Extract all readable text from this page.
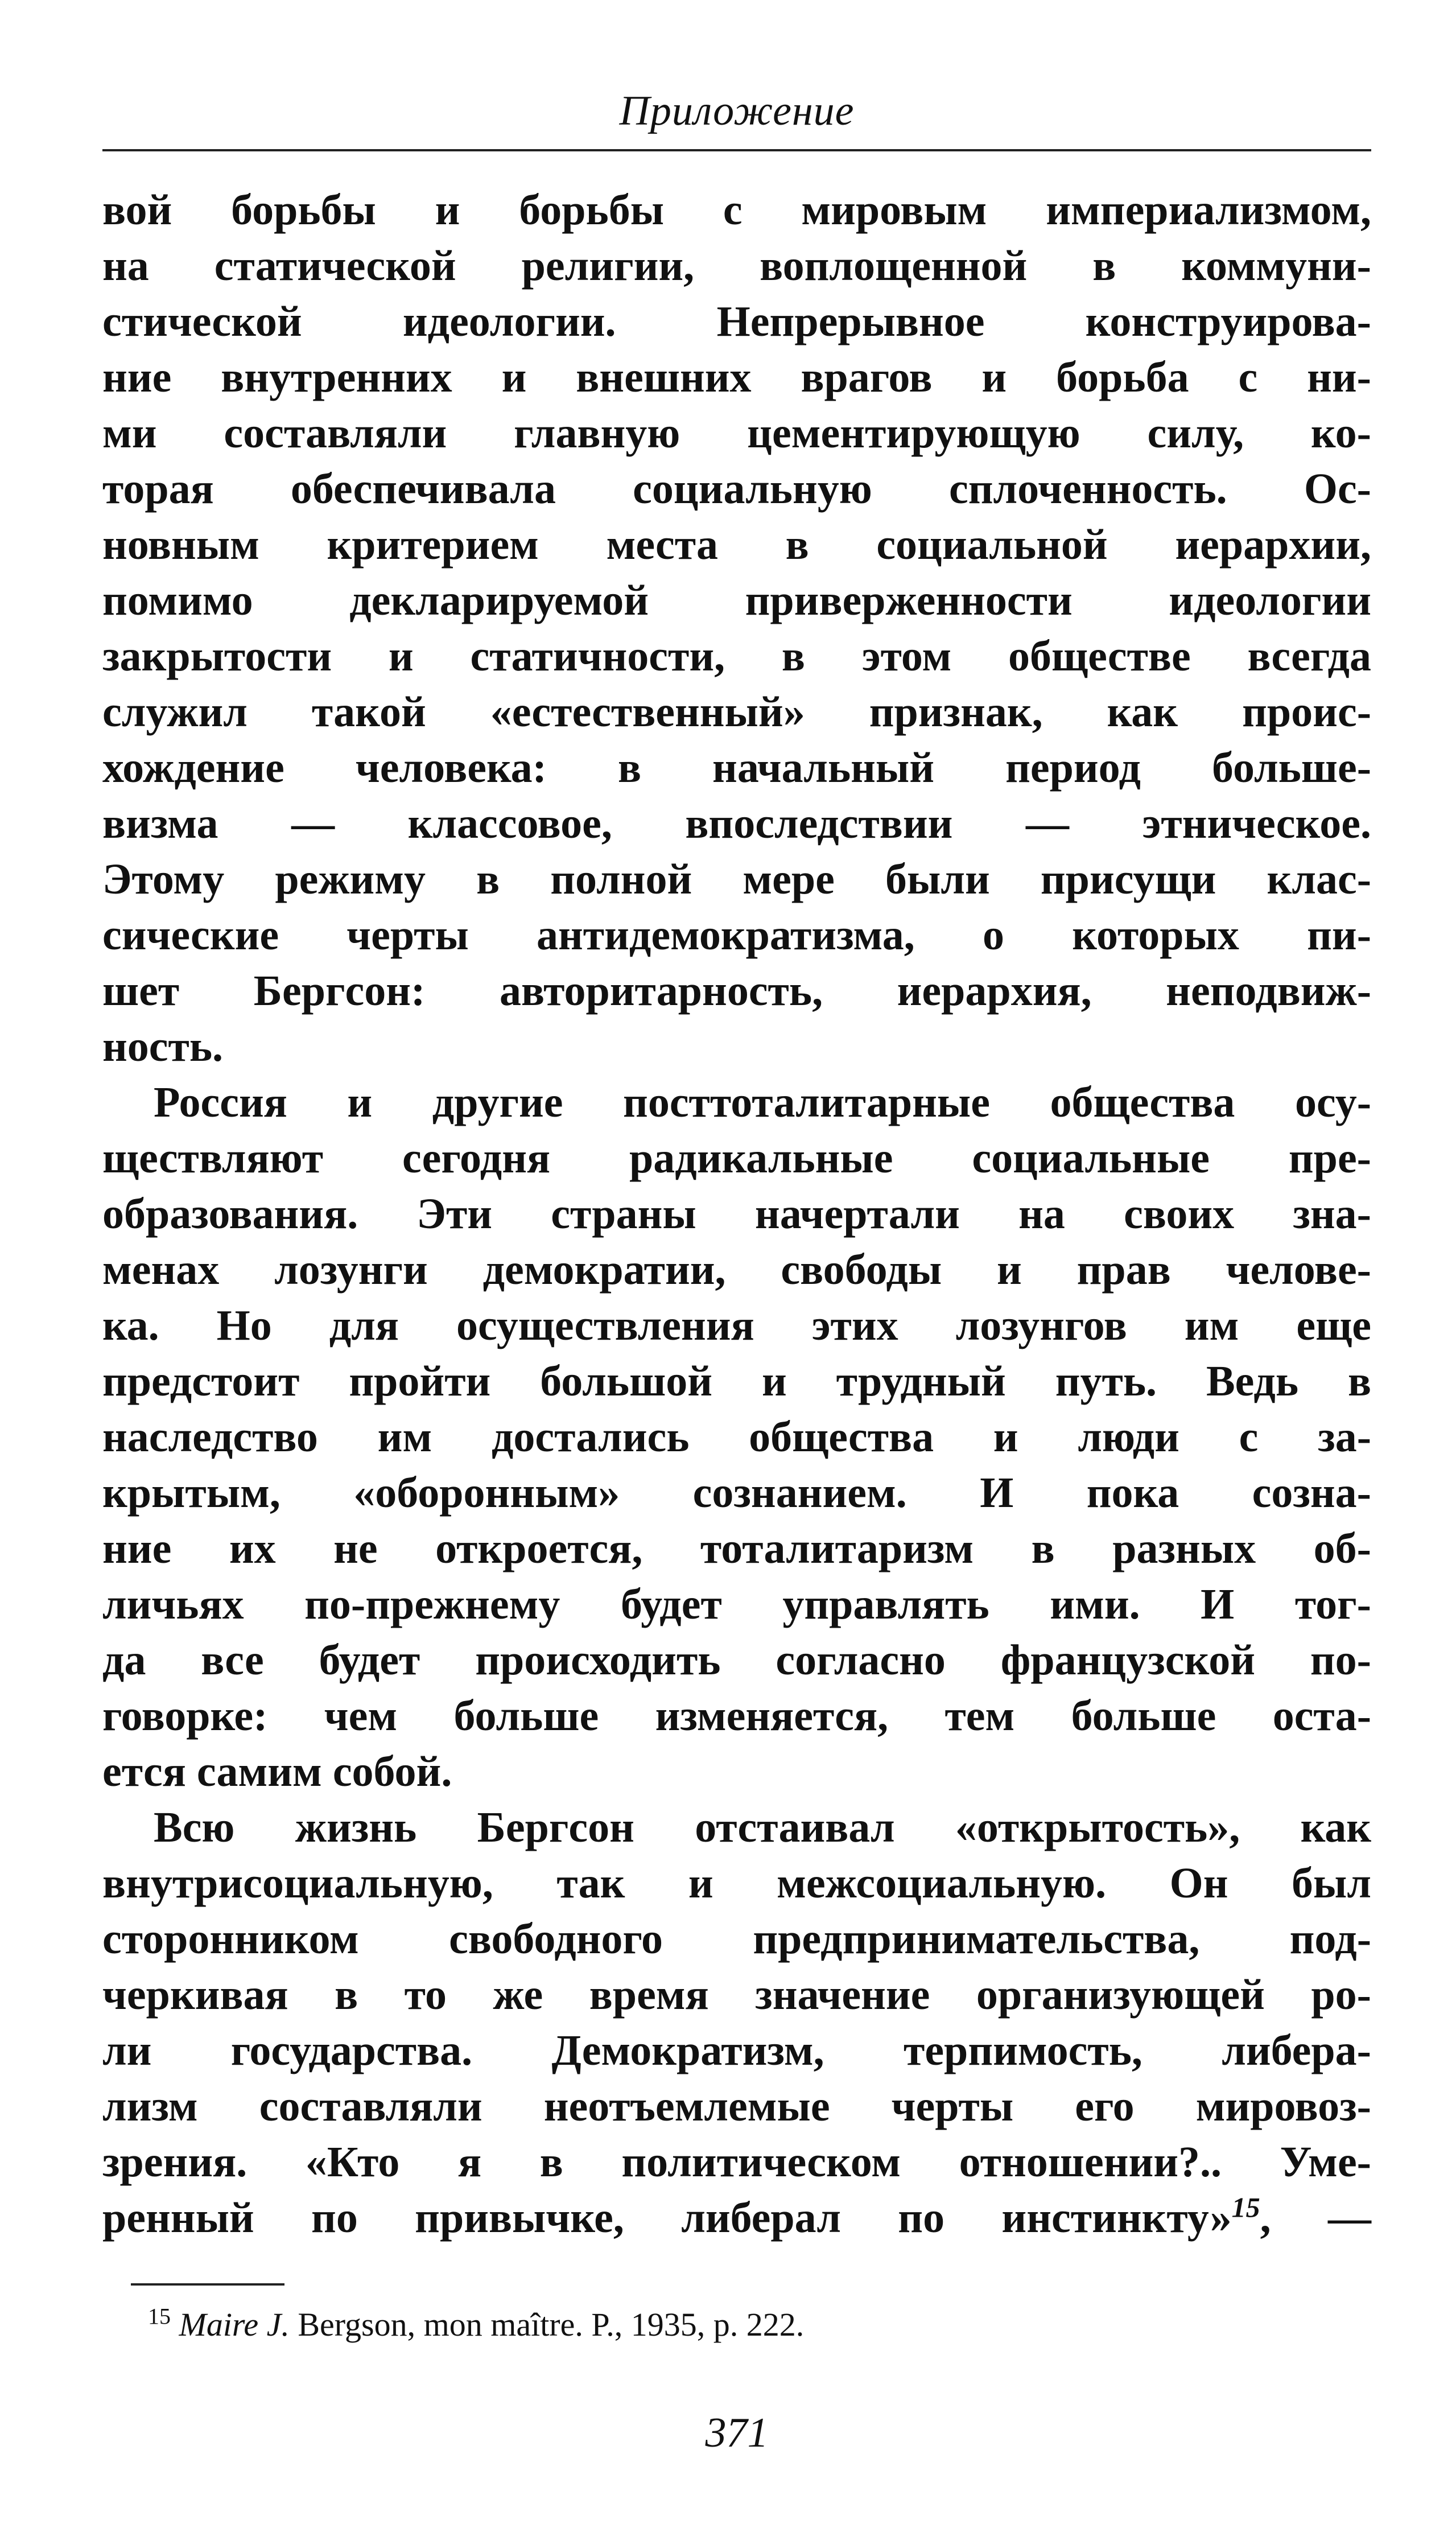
Приложение
вой борьбы и борьбы с мировым империализмом,
на статической религии, воплощенной в коммуни-
стической идеологии. Непрерывное конструирова-
ние внутренних и внешних врагов и борьба с ни-
ми составляли главную цементирующую силу, ко-
торая обеспечивала социальную сплоченность. Ос-
новным критерием места в социальной иерархии,
помимо декларируемой приверженности идеологии
закрытости и статичности, в этом обществе всегда
служил такой «естественный» признак, как проис-
хождение человека: в начальный период больше-
визма — классовое, впоследствии — этническое.
Этому режиму в полной мере были присущи клас-
сические черты антидемократизма, о которых пи-
шет Бергсон: авторитарность, иерархия, неподвиж-
ность.
Россия и другие посттоталитарные общества осу-
ществляют сегодня радикальные социальные пре-
образования. Эти страны начертали на своих зна-
менах лозунги демократии, свободы и прав челове-
ка. Но для осуществления этих лозунгов им еще
предстоит пройти большой и трудный путь. Ведь в
наследство им достались общества и люди с за-
крытым, «оборонным» сознанием. И пока созна-
ние их не откроется, тоталитаризм в разных об-
личьях по-прежнему будет управлять ими. И тог-
да все будет происходить согласно французской по-
говорке: чем больше изменяется, тем больше оста-
ется самим собой.
Всю жизнь Бергсон отстаивал «открытость», как
внутрисоциальную, так и межсоциальную. Он был
сторонником свободного предпринимательства, под-
черкивая в то же время значение организующей ро-
ли государства. Демократизм, терпимость, либера-
лизм составляли неотъемлемые черты его мировоз-
зрения. «Кто я в политическом отношении?.. Уме-
ренный по привычке, либерал по инстинкту»$^{15}$, —
$^{15}$ Maire J. Bergson, mon maître. P., 1935, p. 222.
371
